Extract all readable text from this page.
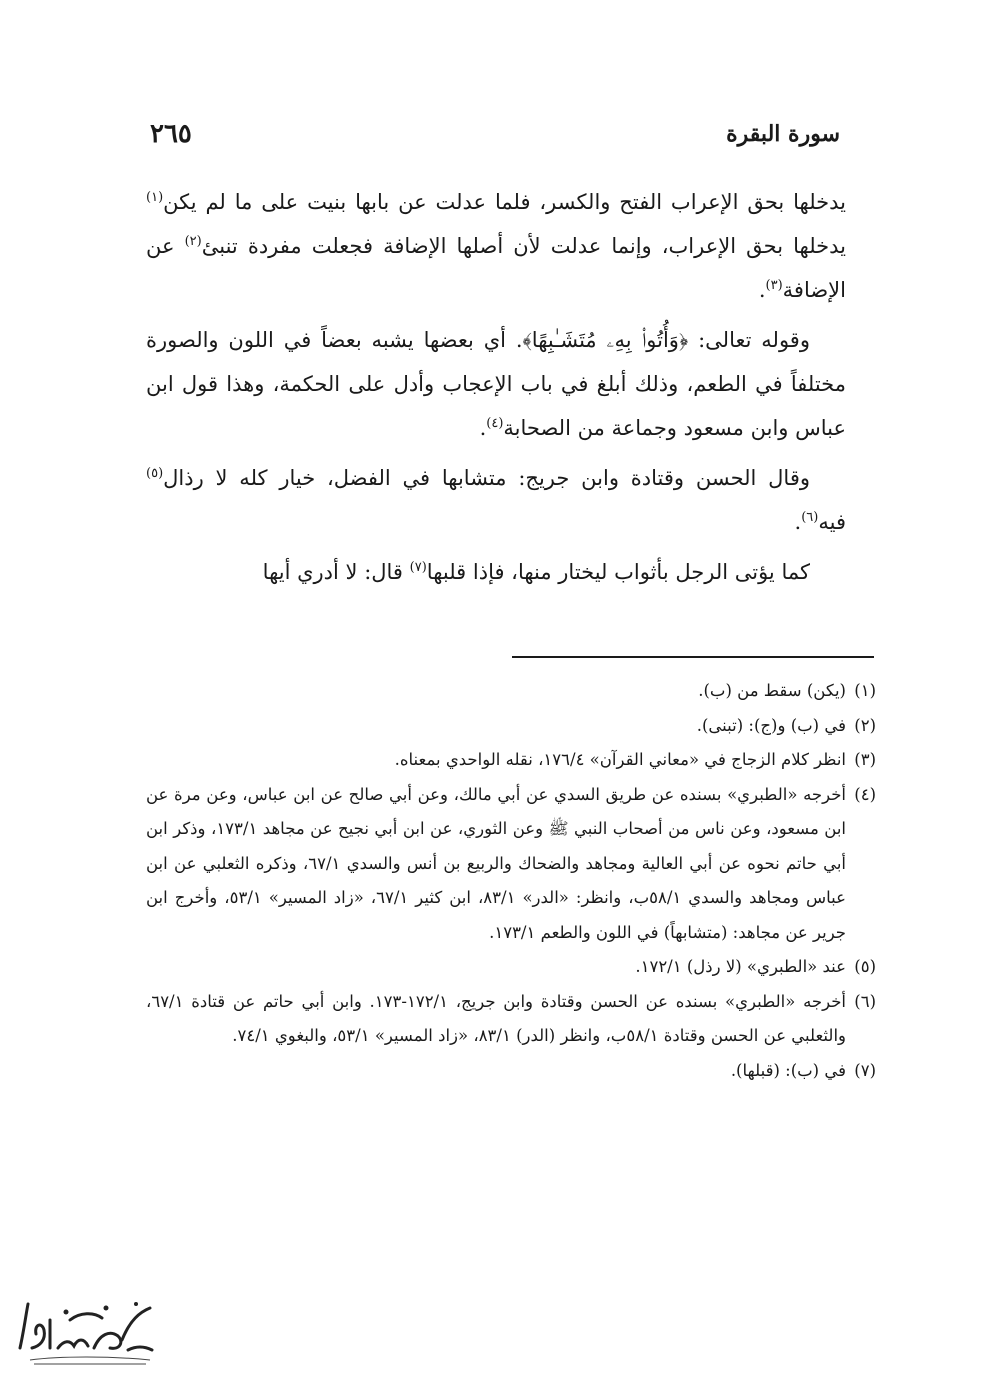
سورة البقرة
٢٦٥

يدخلها بحق الإعراب الفتح والكسر، فلما عدلت عن بابها بنيت على ما لم يكن$^{(١)}$ يدخلها بحق الإعراب، وإنما عدلت لأن أصلها الإضافة فجعلت مفردة تنبئ$^{(٢)}$ عن الإضافة$^{(٣)}$.

وقوله تعالى: ﴿وَأُتُوا۟ بِهِۦ مُتَشَـٰبِهًا﴾. أي بعضها يشبه بعضاً في اللون والصورة مختلفاً في الطعم، وذلك أبلغ في باب الإعجاب وأدل على الحكمة، وهذا قول ابن عباس وابن مسعود وجماعة من الصحابة$^{(٤)}$.

وقال الحسن وقتادة وابن جريج: متشابها في الفضل، خيار كله لا رذال$^{(٥)}$ فيه$^{(٦)}$.

كما يؤتى الرجل بأثواب ليختار منها، فإذا قلبها$^{(٧)}$ قال: لا أدري أيها

(١)(يكن) سقط من (ب).

(٢)في (ب) و(ج): (تبنى).

(٣)انظر كلام الزجاج في «معاني القرآن» ١٧٦/٤، نقله الواحدي بمعناه.

(٤)أخرجه «الطبري» بسنده عن طريق السدي عن أبي مالك، وعن أبي صالح عن ابن عباس، وعن مرة عن ابن مسعود، وعن ناس من أصحاب النبي ﷺ وعن الثوري، عن ابن أبي نجيح عن مجاهد ١٧٣/١، وذكر ابن أبي حاتم نحوه عن أبي العالية ومجاهد والضحاك والربيع بن أنس والسدي ٦٧/١، وذكره الثعلبي عن ابن عباس ومجاهد والسدي ٥٨/١ب، وانظر: «الدر» ٨٣/١، ابن كثير ٦٧/١، «زاد المسير» ٥٣/١، وأخرج ابن جرير عن مجاهد: (متشابهاً) في اللون والطعم ١٧٣/١.

(٥)عند «الطبري» (لا رذل) ١٧٢/١.

(٦)أخرجه «الطبري» بسنده عن الحسن وقتادة وابن جريج، ١٧٢/١-١٧٣. وابن أبي حاتم عن قتادة ٦٧/١، والثعلبي عن الحسن وقتادة ٥٨/١ب، وانظر (الدر) ٨٣/١، «زاد المسير» ٥٣/١، والبغوي ٧٤/١.

(٧)في (ب): (قبلها).
